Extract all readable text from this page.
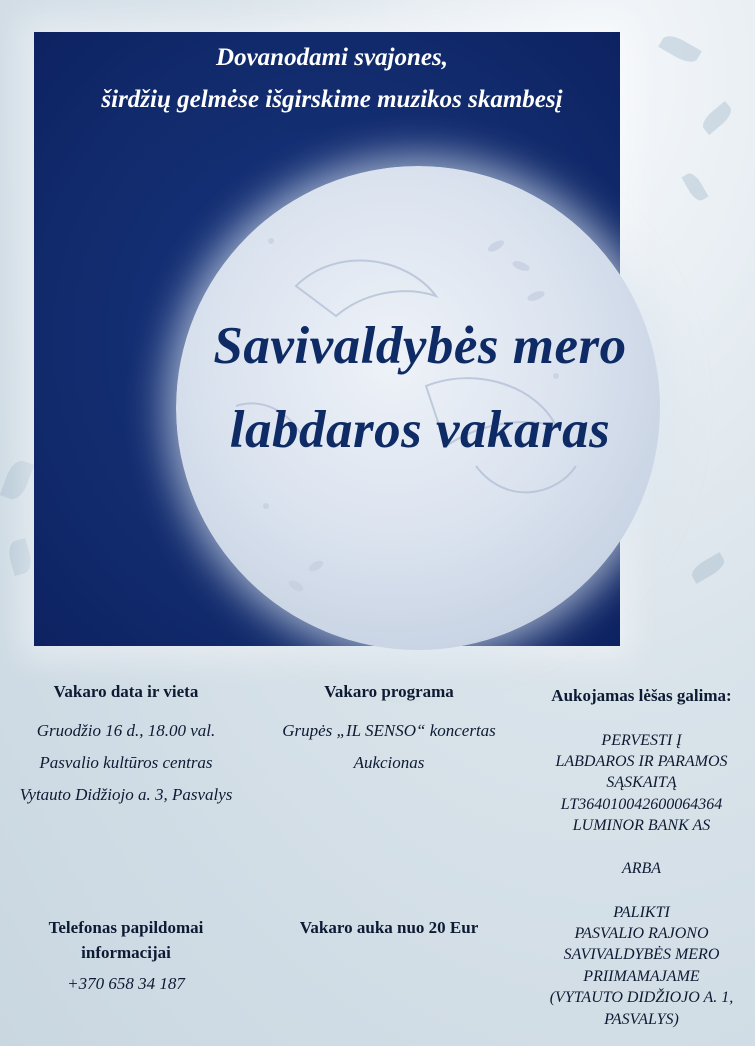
Dovanodami svajones,
širdžių gelmėse išgirskime muzikos skambesį
Savivaldybės mero
labdaros vakaras
Vakaro data ir vieta
Gruodžio 16 d., 18.00 val.
Pasvalio kultūros centras
Vytauto Didžiojo a. 3, Pasvalys
Vakaro programa
Grupės „IL SENSO“ koncertas
Aukcionas
Aukojamas lėšas galima:
PERVESTI Į
LABDAROS IR PARAMOS
SĄSKAITĄ
LT364010042600064364
LUMINOR BANK AS
ARBA
PALIKTI
PASVALIO RAJONO
SAVIVALDYBĖS MERO
PRIIMAMAJAME
(VYTAUTO DIDŽIOJO A. 1,
PASVALYS)
Telefonas papildomai
informacijai
+370 658 34 187
Vakaro auka nuo 20 Eur
